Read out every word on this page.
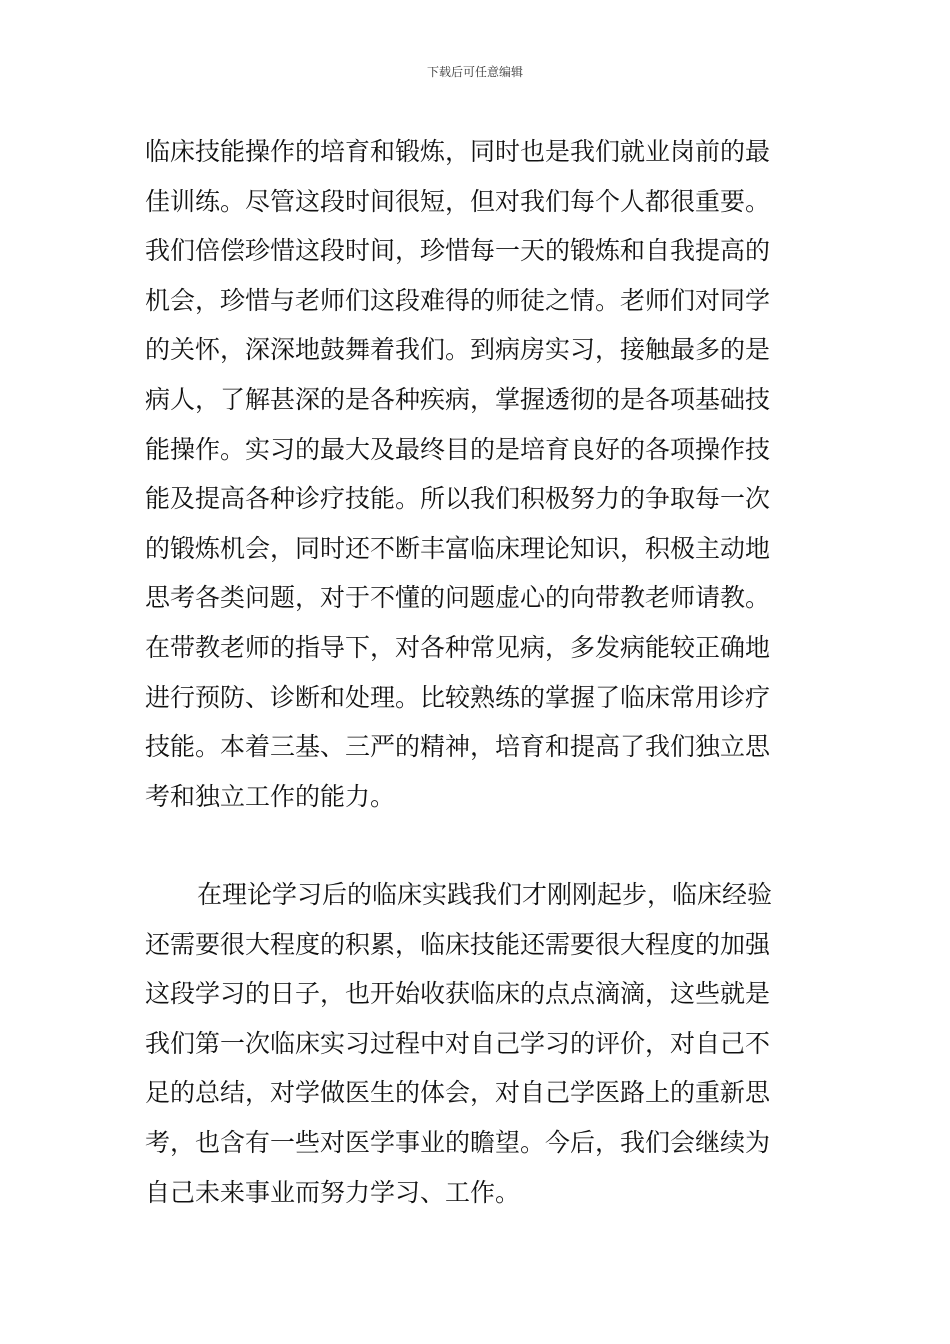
下载后可任意编辑
临床技能操作的培育和锻炼，同时也是我们就业岗前的最
佳训练。尽管这段时间很短，但对我们每个人都很重要。
我们倍偿珍惜这段时间，珍惜每一天的锻炼和自我提高的
机会，珍惜与老师们这段难得的师徒之情。老师们对同学
的关怀，深深地鼓舞着我们。到病房实习，接触最多的是
病人，了解甚深的是各种疾病，掌握透彻的是各项基础技
能操作。实习的最大及最终目的是培育良好的各项操作技
能及提高各种诊疗技能。所以我们积极努力的争取每一次
的锻炼机会，同时还不断丰富临床理论知识，积极主动地
思考各类问题，对于不懂的问题虚心的向带教老师请教。
在带教老师的指导下，对各种常见病，多发病能较正确地
进行预防、诊断和处理。比较熟练的掌握了临床常用诊疗
技能。本着三基、三严的精神，培育和提高了我们独立思
考和独立工作的能力。
在理论学习后的临床实践我们才刚刚起步，临床经验
还需要很大程度的积累，临床技能还需要很大程度的加强
这段学习的日子，也开始收获临床的点点滴滴，这些就是
我们第一次临床实习过程中对自己学习的评价，对自己不
足的总结，对学做医生的体会，对自己学医路上的重新思
考，也含有一些对医学事业的瞻望。今后，我们会继续为
自己未来事业而努力学习、工作。
